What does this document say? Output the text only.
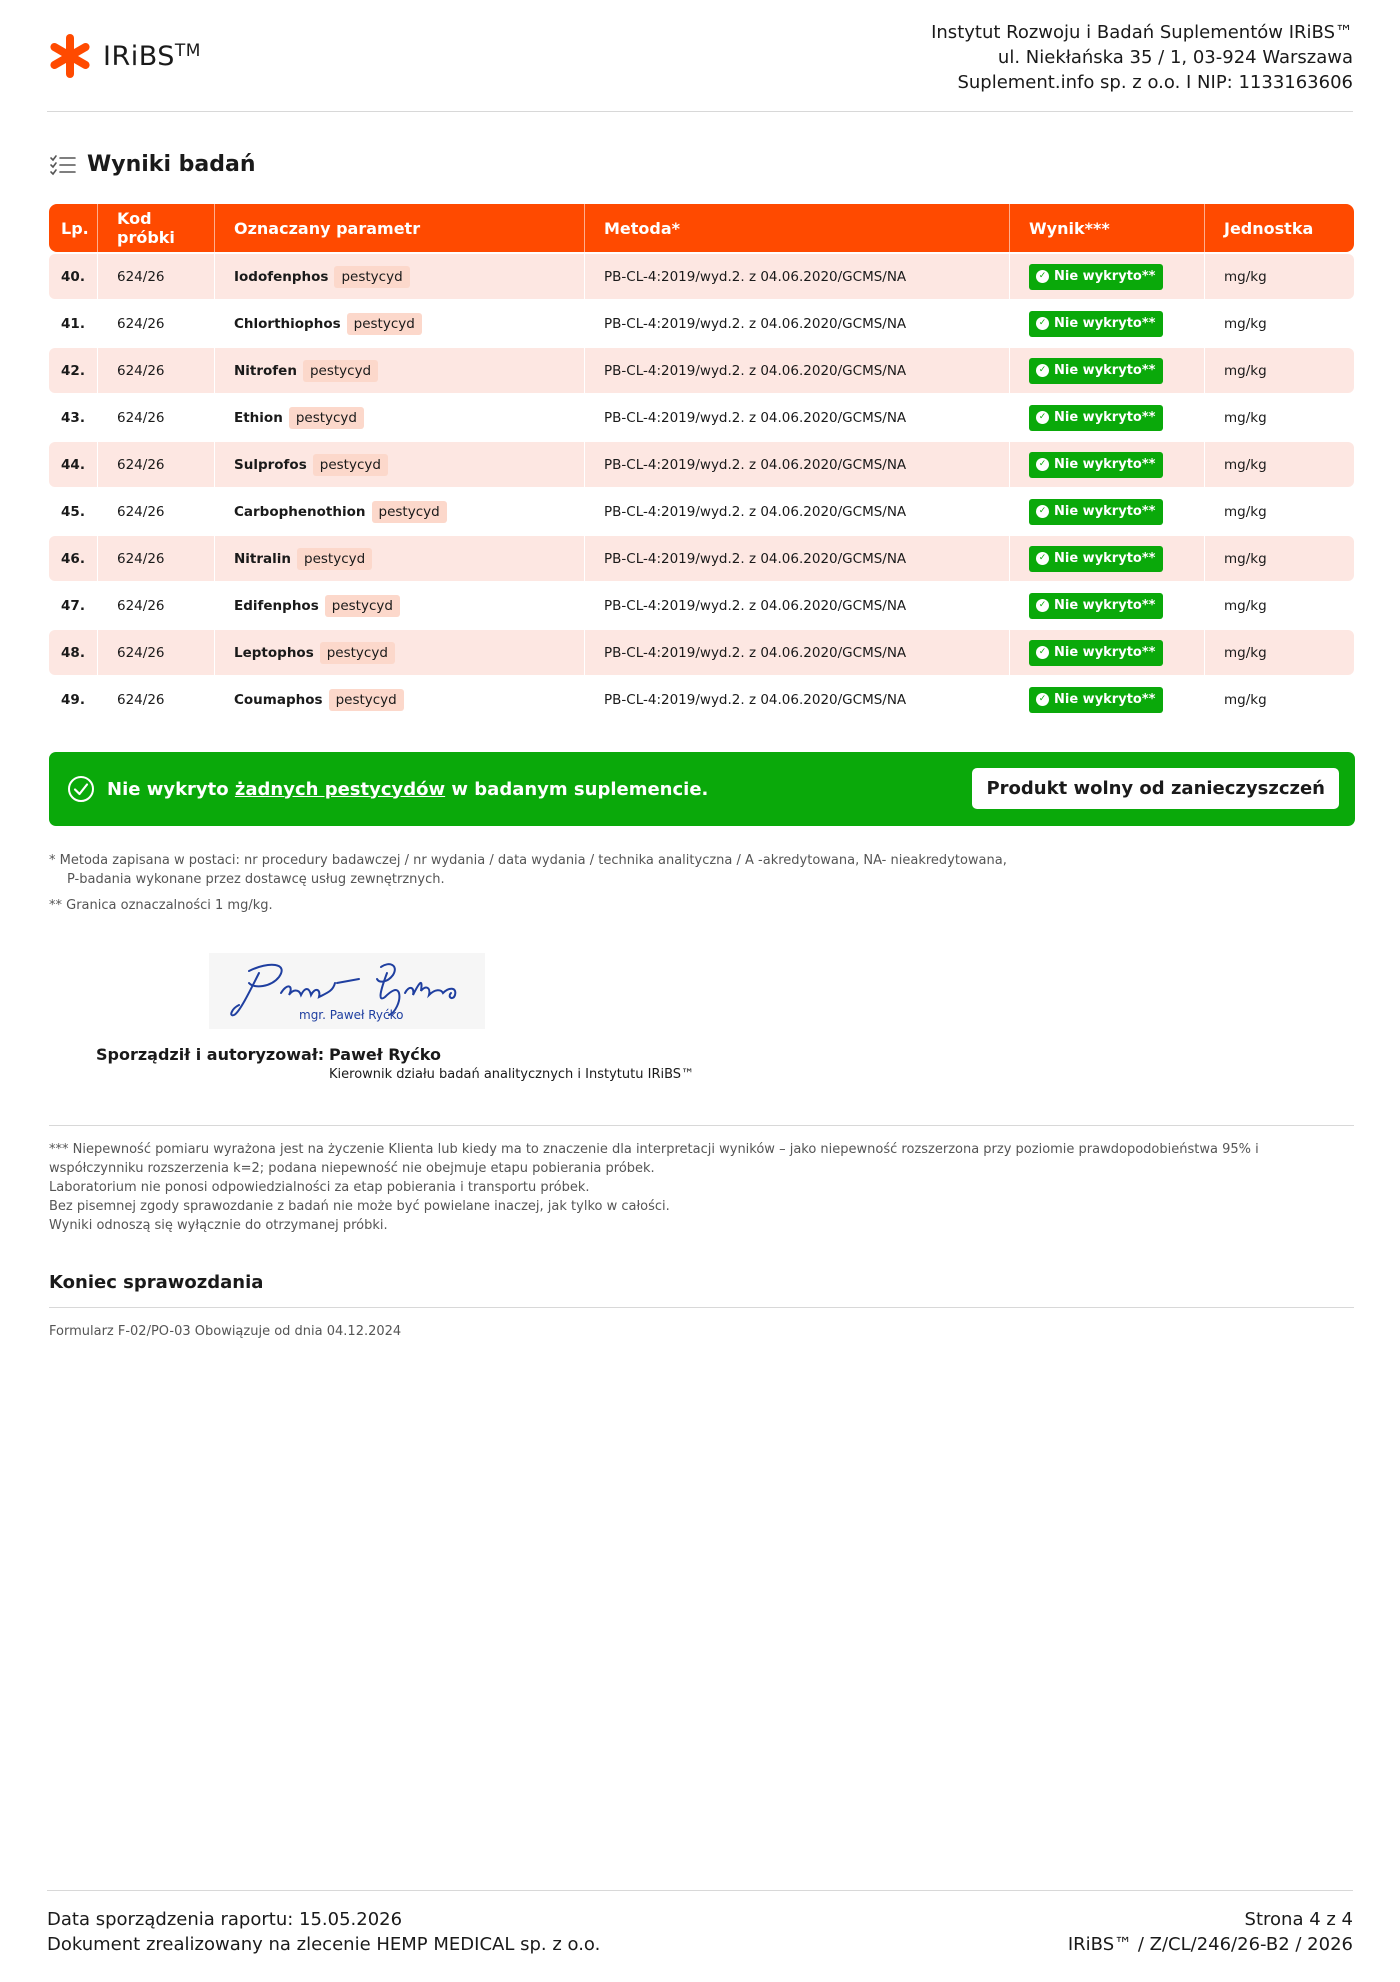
IRiBS™
Instytut Rozwoju i Badań Suplementów IRiBS™
ul. Niekłańska 35 / 1, 03-924 Warszawa
Suplement.info sp. z o.o. I NIP: 1133163606
Wyniki badań
Lp.	Kod próbki	Oznaczany parametr	Metoda*	Wynik***	Jednostka
40.	624/26	Iodofenphos pestycyd	PB-CL-4:2019/wyd.2. z 04.06.2020/GCMS/NA	✓ Nie wykryto**	mg/kg
41.	624/26	Chlorthiophos pestycyd	PB-CL-4:2019/wyd.2. z 04.06.2020/GCMS/NA	✓ Nie wykryto**	mg/kg
42.	624/26	Nitrofen pestycyd	PB-CL-4:2019/wyd.2. z 04.06.2020/GCMS/NA	✓ Nie wykryto**	mg/kg
43.	624/26	Ethion pestycyd	PB-CL-4:2019/wyd.2. z 04.06.2020/GCMS/NA	✓ Nie wykryto**	mg/kg
44.	624/26	Sulprofos pestycyd	PB-CL-4:2019/wyd.2. z 04.06.2020/GCMS/NA	✓ Nie wykryto**	mg/kg
45.	624/26	Carbophenothion pestycyd	PB-CL-4:2019/wyd.2. z 04.06.2020/GCMS/NA	✓ Nie wykryto**	mg/kg
46.	624/26	Nitralin pestycyd	PB-CL-4:2019/wyd.2. z 04.06.2020/GCMS/NA	✓ Nie wykryto**	mg/kg
47.	624/26	Edifenphos pestycyd	PB-CL-4:2019/wyd.2. z 04.06.2020/GCMS/NA	✓ Nie wykryto**	mg/kg
48.	624/26	Leptophos pestycyd	PB-CL-4:2019/wyd.2. z 04.06.2020/GCMS/NA	✓ Nie wykryto**	mg/kg
49.	624/26	Coumaphos pestycyd	PB-CL-4:2019/wyd.2. z 04.06.2020/GCMS/NA	✓ Nie wykryto**	mg/kg
Nie wykryto żadnych pestycydów w badanym suplemencie.	Produkt wolny od zanieczyszczeń
* Metoda zapisana w postaci: nr procedury badawczej / nr wydania / data wydania / technika analityczna / A -akredytowana, NA- nieakredytowana,
P-badania wykonane przez dostawcę usług zewnętrznych.
** Granica oznaczalności 1 mg/kg.
mgr. Paweł Ryćko
Sporządził i autoryzował: Paweł Ryćko
Kierownik działu badań analitycznych i Instytutu IRiBS™
*** Niepewność pomiaru wyrażona jest na życzenie Klienta lub kiedy ma to znaczenie dla interpretacji wyników – jako niepewność rozszerzona przy poziomie prawdopodobieństwa 95% i
współczynniku rozszerzenia k=2; podana niepewność nie obejmuje etapu pobierania próbek.
Laboratorium nie ponosi odpowiedzialności za etap pobierania i transportu próbek.
Bez pisemnej zgody sprawozdanie z badań nie może być powielane inaczej, jak tylko w całości.
Wyniki odnoszą się wyłącznie do otrzymanej próbki.
Koniec sprawozdania
Formularz F-02/PO-03 Obowiązuje od dnia 04.12.2024
Data sporządzenia raportu: 15.05.2026
Dokument zrealizowany na zlecenie HEMP MEDICAL sp. z o.o.
Strona 4 z 4
IRiBS™ / Z/CL/246/26-B2 / 2026
